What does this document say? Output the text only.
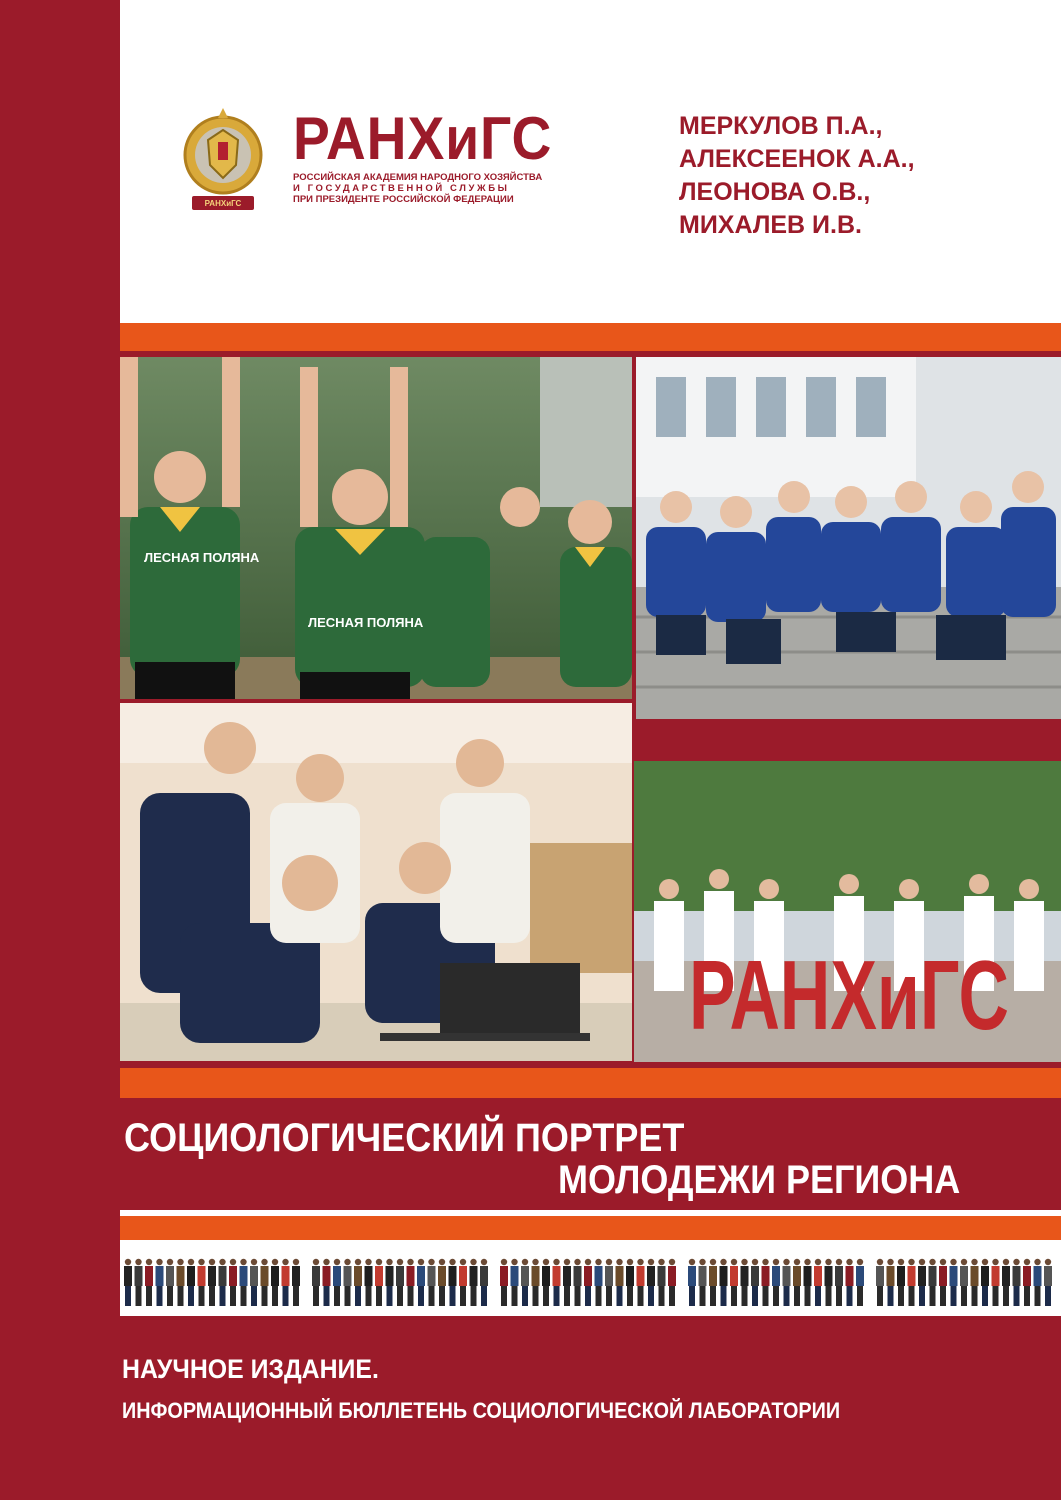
РАНХиГС
РАНХиГС
РОССИЙСКАЯ АКАДЕМИЯ НАРОДНОГО ХОЗЯЙСТВА
И ГОСУДАРСТВЕННОЙ СЛУЖБЫ
ПРИ ПРЕЗИДЕНТЕ РОССИЙСКОЙ ФЕДЕРАЦИИ
МЕРКУЛОВ П.А.,
АЛЕКСЕЕНОК А.А.,
ЛЕОНОВА О.В.,
МИХАЛЕВ И.В.
ЛЕСНАЯ ПОЛЯНА
ЛЕСНАЯ ПОЛЯНА
РАНХиГС
СОЦИОЛОГИЧЕСКИЙ ПОРТРЕТ
МОЛОДЕЖИ РЕГИОНА
НАУЧНОЕ ИЗДАНИЕ.
ИНФОРМАЦИОННЫЙ БЮЛЛЕТЕНЬ СОЦИОЛОГИЧЕСКОЙ ЛАБОРАТОРИИ
